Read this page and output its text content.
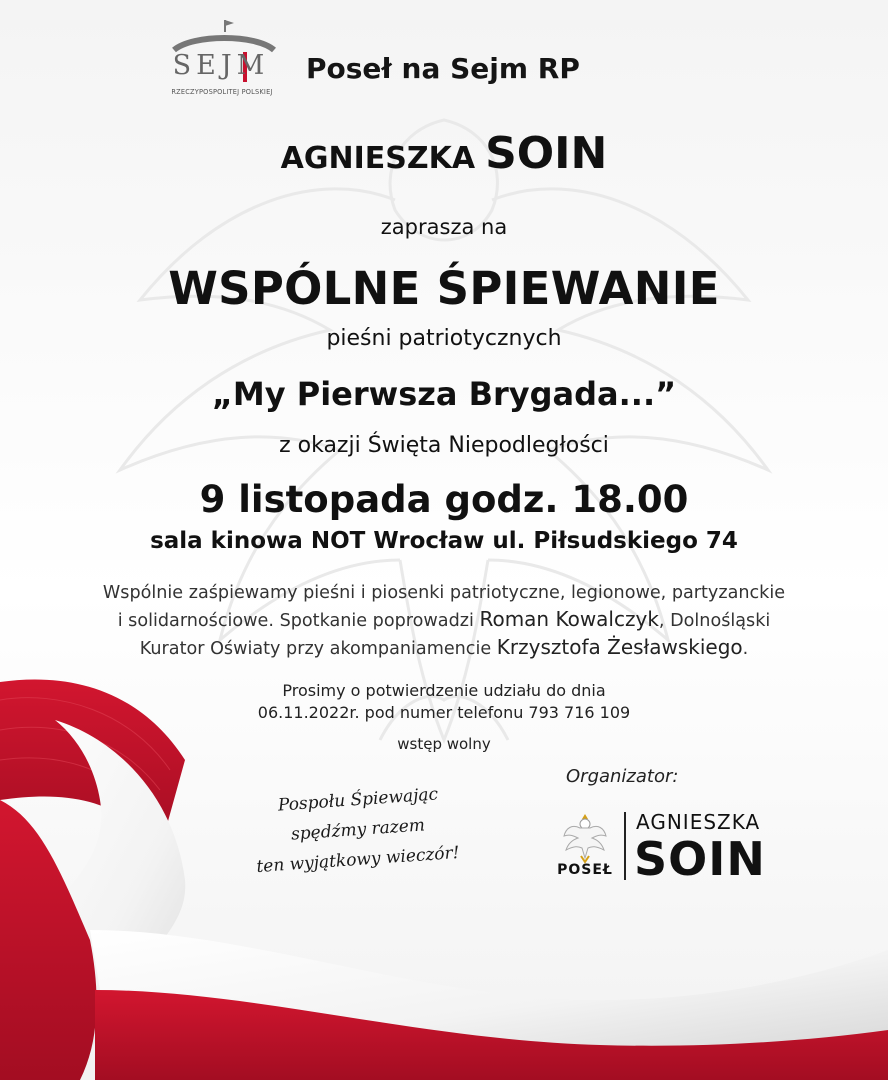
SEJM
RZECZYPOSPOLITEJ POLSKIEJ
Poseł na Sejm RP
AGNIESZKA SOIN
zaprasza na
WSPÓLNE ŚPIEWANIE
pieśni patriotycznych
„My Pierwsza Brygada...”
z okazji Święta Niepodległości
9 listopada godz. 18.00
sala kinowa NOT Wrocław ul. Piłsudskiego 74
Wspólnie zaśpiewamy pieśni i piosenki patriotyczne, legionowe, partyzanckie
i solidarnościowe. Spotkanie poprowadzi Roman Kowalczyk, Dolnośląski
Kurator Oświaty przy akompaniamencie Krzysztofa Żesławskiego.
Prosimy o potwierdzenie udziału do dnia
06.11.2022r. pod numer telefonu 793 716 109
wstęp wolny
Pospołu Śpiewając
spędźmy razem
ten wyjątkowy wieczór!
Organizator:
POSEŁ
AGNIESZKA
SOIN
